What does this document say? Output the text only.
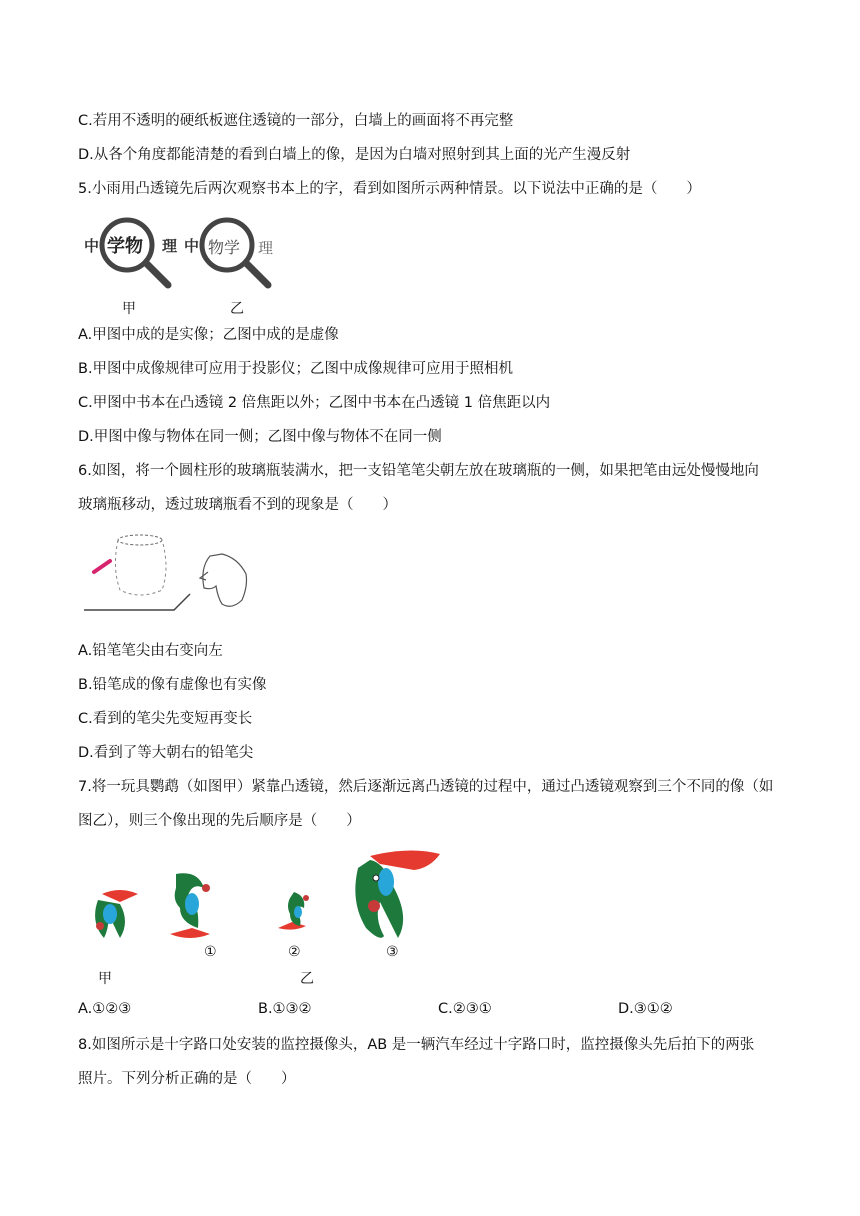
C.若用不透明的硬纸板遮住透镜的一部分，白墙上的画面将不再完整
D.从各个角度都能清楚的看到白墙上的像，是因为白墙对照射到其上面的光产生漫反射
5.小雨用凸透镜先后两次观察书本上的字，看到如图所示两种情景。以下说法中正确的是（　　）
中 学物 理 中 物学 理
甲	乙
A.甲图中成的是实像；乙图中成的是虚像
B.甲图中成像规律可应用于投影仪；乙图中成像规律可应用于照相机
C.甲图中书本在凸透镜 2 倍焦距以外；乙图中书本在凸透镜 1 倍焦距以内
D.甲图中像与物体在同一侧；乙图中像与物体不在同一侧
6.如图，将一个圆柱形的玻璃瓶装满水，把一支铅笔笔尖朝左放在玻璃瓶的一侧，如果把笔由远处慢慢地向
玻璃瓶移动，透过玻璃瓶看不到的现象是（　　）
A.铅笔笔尖由右变向左
B.铅笔成的像有虚像也有实像
C.看到的笔尖先变短再变长
D.看到了等大朝右的铅笔尖
7.将一玩具鹦鹉（如图甲）紧靠凸透镜，然后逐渐远离凸透镜的过程中，通过凸透镜观察到三个不同的像（如
图乙），则三个像出现的先后顺序是（　　）
①	②	③
甲	乙
A.①②③	B.①③②	C.②③①	D.③①②
8.如图所示是十字路口处安装的监控摄像头，AB 是一辆汽车经过十字路口时，监控摄像头先后拍下的两张
照片。下列分析正确的是（　　）
